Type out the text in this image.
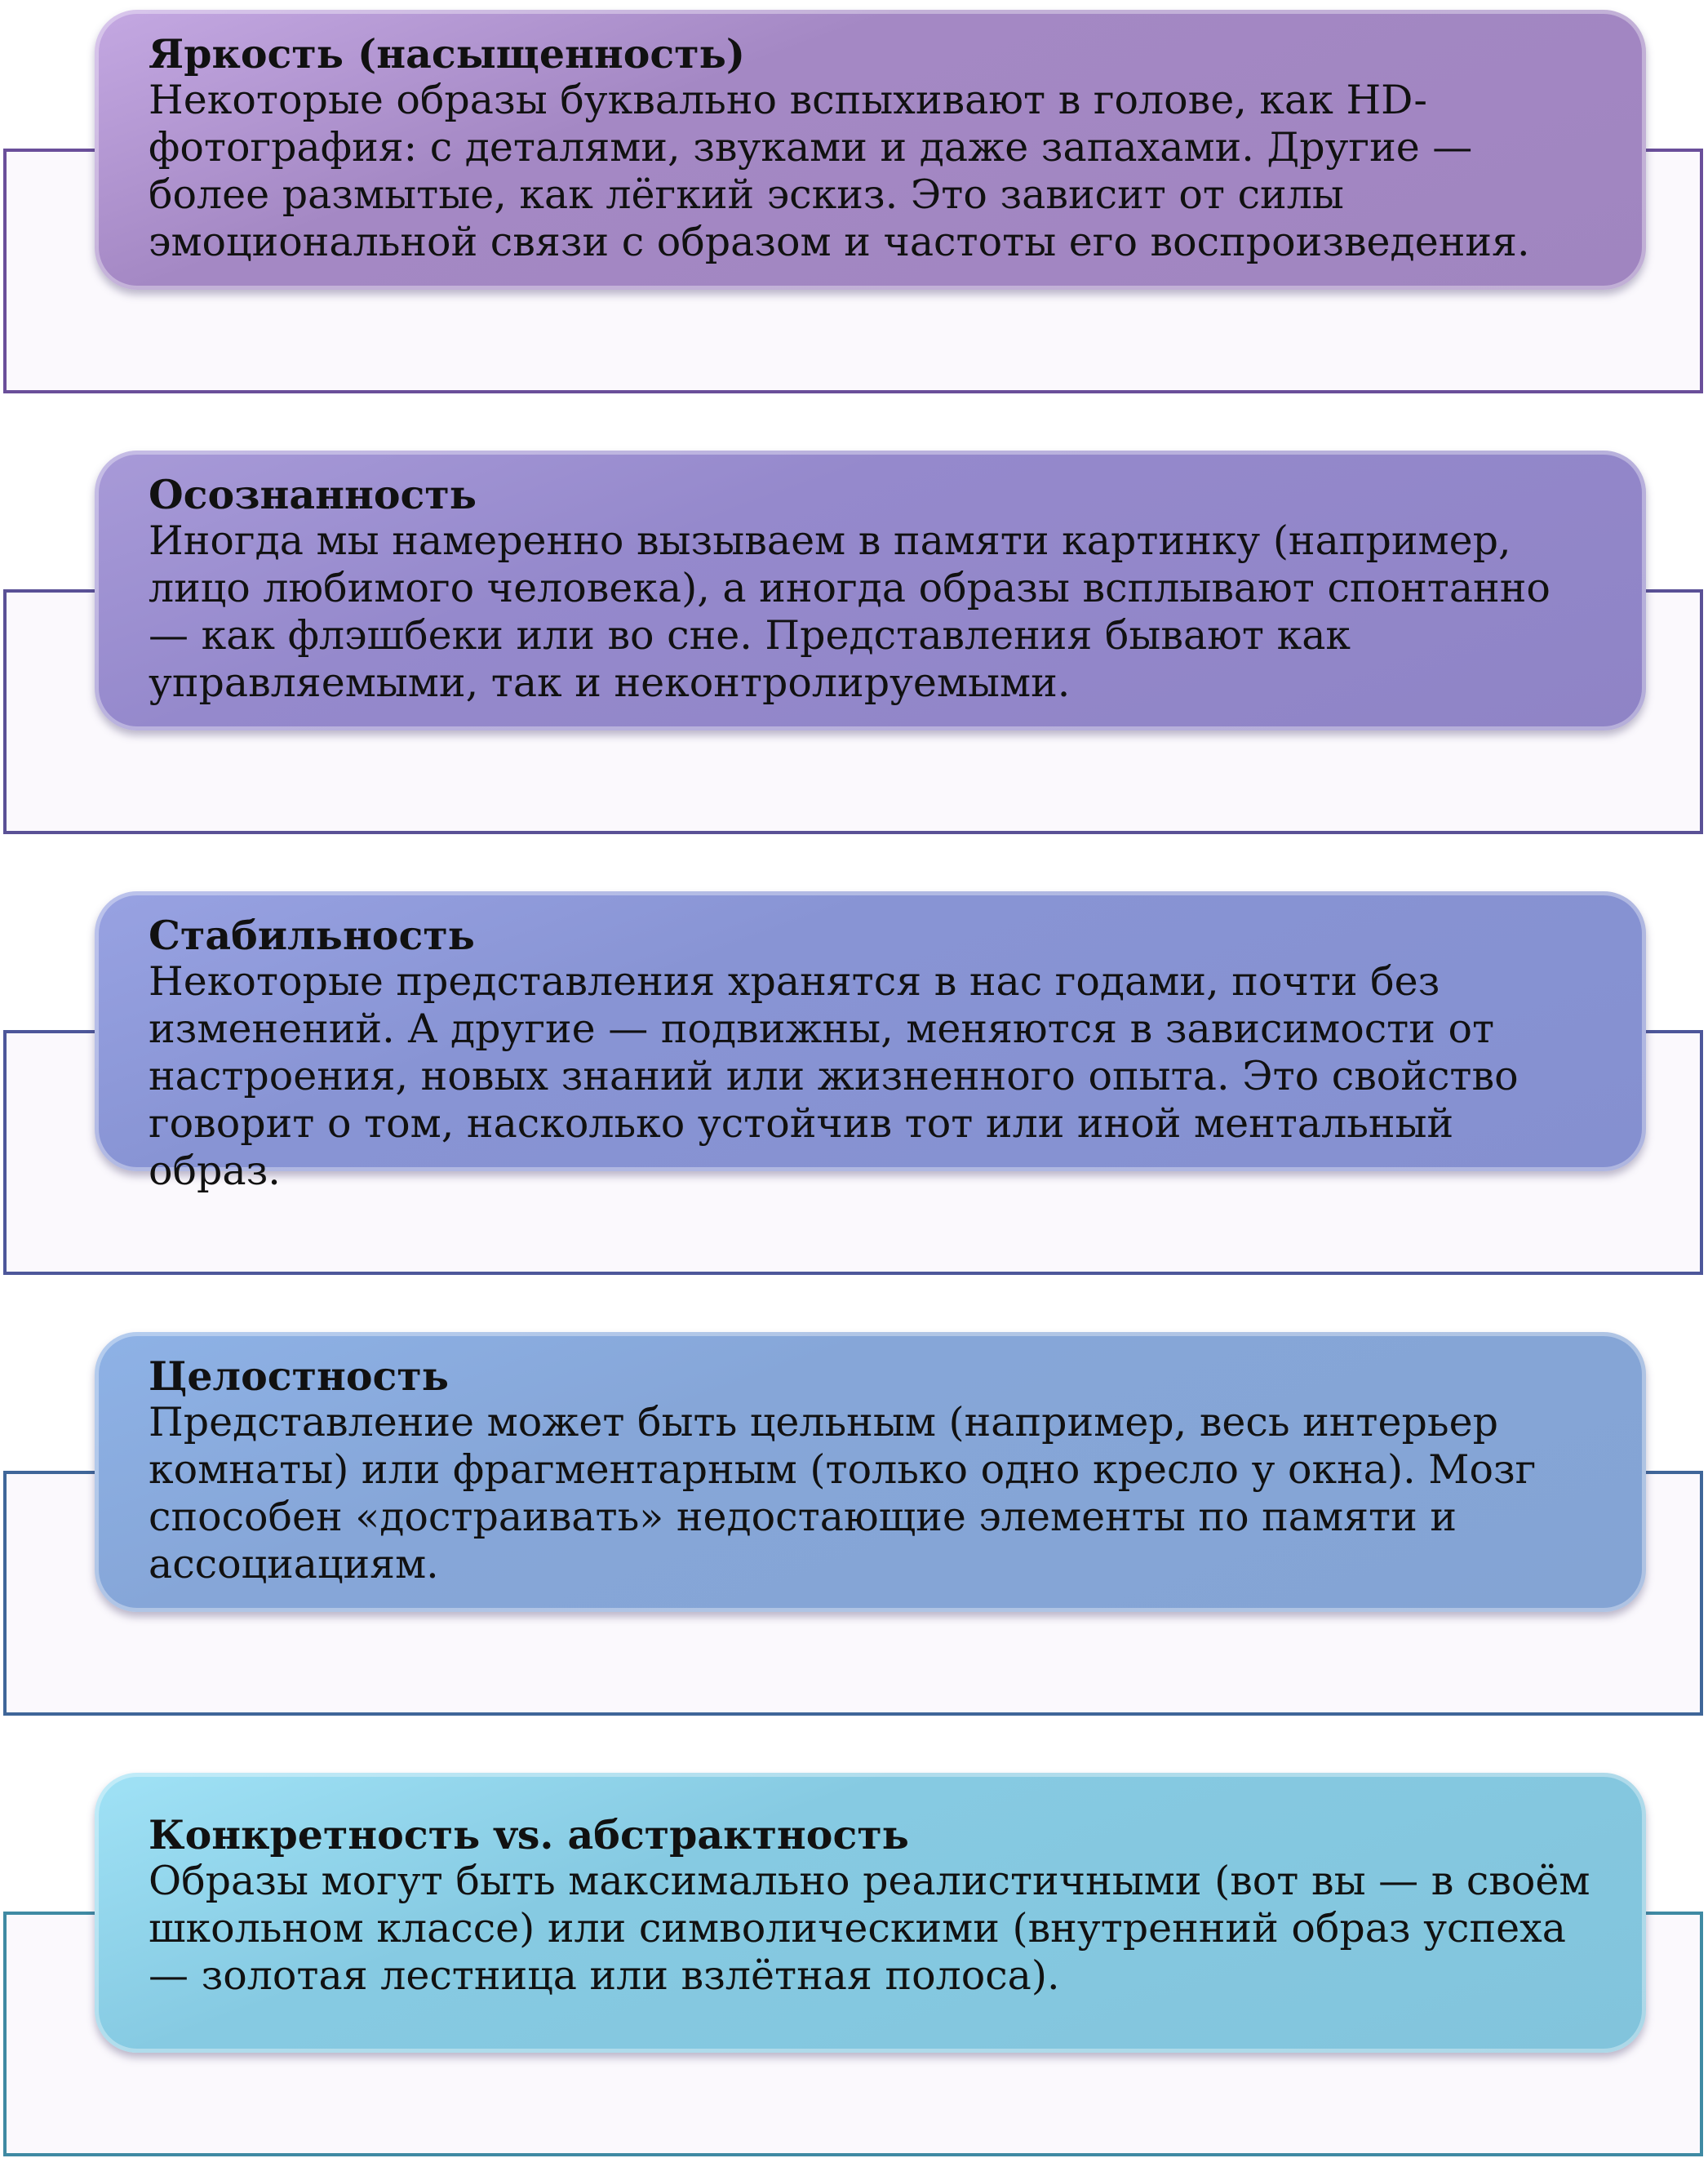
Яркость (насыщенность)

Некоторые образы буквально вспыхивают в голове, как HD-фотография: с деталями, звуками и даже запахами. Другие — более размытые, как лёгкий эскиз. Это зависит от силы эмоциональной связи с образом и частоты его воспроизведения.

Осознанность

Иногда мы намеренно вызываем в памяти картинку (например, лицо любимого человека), а иногда образы всплывают спонтанно — как флэшбеки или во сне. Представления бывают как управляемыми, так и неконтролируемыми.

Стабильность

Некоторые представления хранятся в нас годами, почти без изменений. А другие — подвижны, меняются в зависимости от настроения, новых знаний или жизненного опыта. Это свойство говорит о том, насколько устойчив тот или иной ментальный образ.

Целостность

Представление может быть цельным (например, весь интерьер комнаты) или фрагментарным (только одно кресло у окна). Мозг способен «достраивать» недостающие элементы по памяти и ассоциациям.

Конкретность vs. абстрактность

Образы могут быть максимально реалистичными (вот вы — в своём школьном классе) или символическими (внутренний образ успеха — золотая лестница или взлётная полоса).
